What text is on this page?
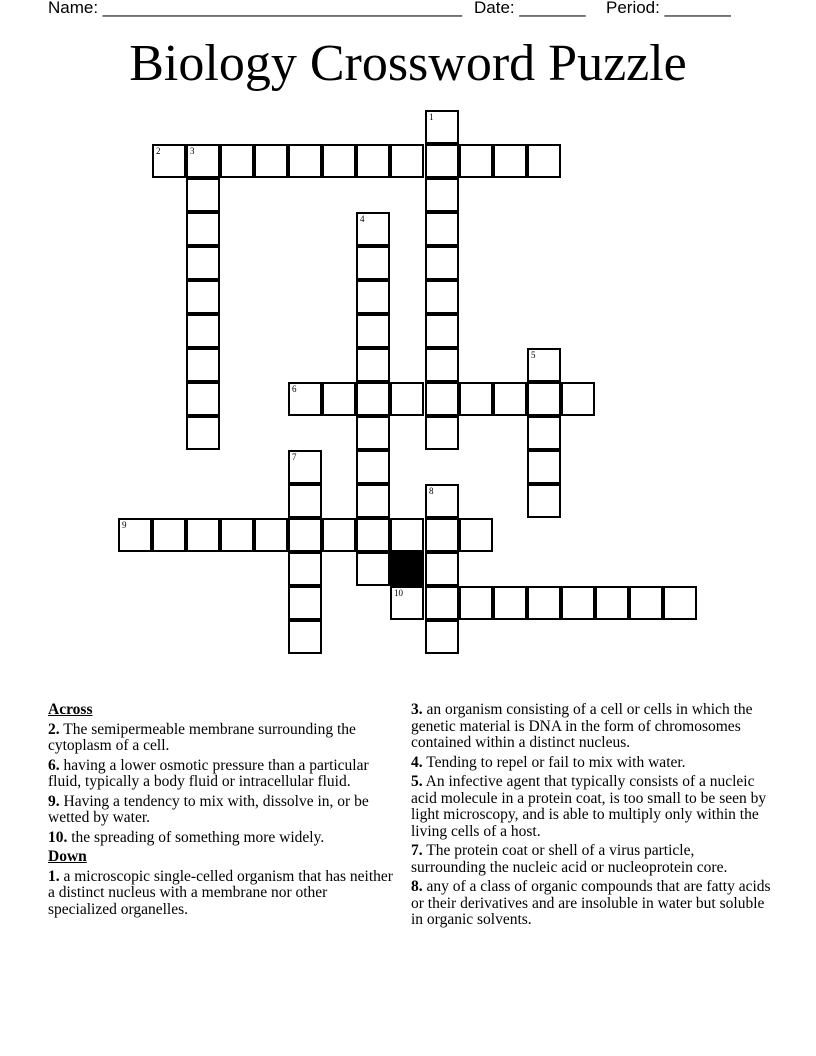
Name: ______________________________________ Date: _______ Period: _______
Biology Crossword Puzzle
1
2	3
4
5
6
7
8
9
10
Across
2. The semipermeable membrane surrounding the cytoplasm of a cell.
6. having a lower osmotic pressure than a particular fluid, typically a body fluid or intracellular fluid.
9. Having a tendency to mix with, dissolve in, or be wetted by water.
10. the spreading of something more widely.
Down
1. a microscopic single-celled organism that has neither a distinct nucleus with a membrane nor other specialized organelles.
3. an organism consisting of a cell or cells in which the genetic material is DNA in the form of chromosomes contained within a distinct nucleus.
4. Tending to repel or fail to mix with water.
5. An infective agent that typically consists of a nucleic acid molecule in a protein coat, is too small to be seen by light microscopy, and is able to multiply only within the living cells of a host.
7. The protein coat or shell of a virus particle, surrounding the nucleic acid or nucleoprotein core.
8. any of a class of organic compounds that are fatty acids or their derivatives and are insoluble in water but soluble in organic solvents.
